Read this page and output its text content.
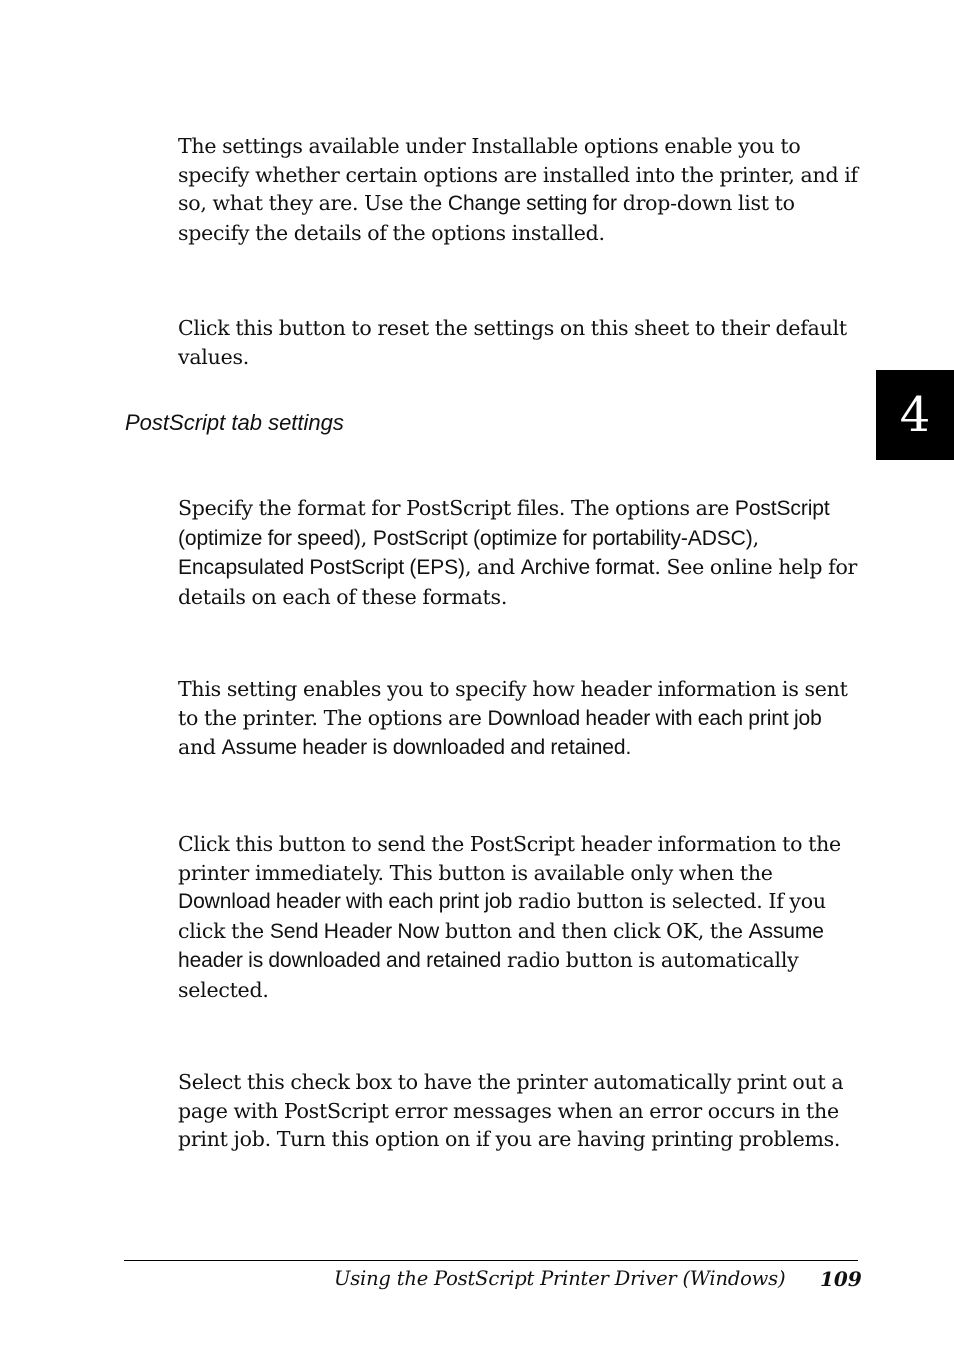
The settings available under Installable options enable you to specify whether certain options are installed into the printer, and if so, what they are. Use the Change setting for drop-down list to specify the details of the options installed.

Click this button to reset the settings on this sheet to their default values.

PostScript tab settings	4

Specify the format for PostScript files. The options are PostScript (optimize for speed), PostScript (optimize for portability-ADSC), Encapsulated PostScript (EPS), and Archive format. See online help for details on each of these formats.

This setting enables you to specify how header information is sent to the printer. The options are Download header with each print job and Assume header is downloaded and retained.

Click this button to send the PostScript header information to the printer immediately. This button is available only when the Download header with each print job radio button is selected. If you click the Send Header Now button and then click OK, the Assume header is downloaded and retained radio button is automatically selected.

Select this check box to have the printer automatically print out a page with PostScript error messages when an error occurs in the print job. Turn this option on if you are having printing problems.

Using the PostScript Printer Driver (Windows) 109
